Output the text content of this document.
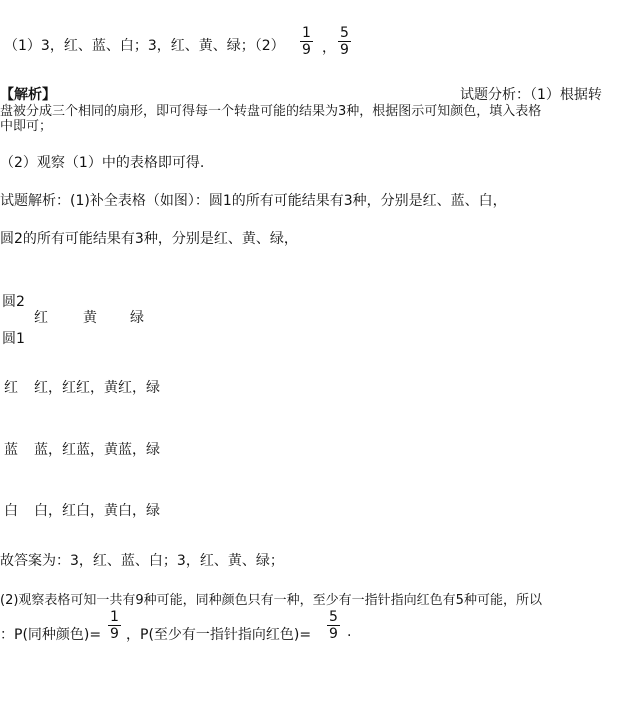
（1）3，红、蓝、白；3，红、黄、绿；（2）
1
9 ，
5
9
【解析】	试题分析：（1）根据转
盘被分成三个相同的扇形，即可得每一个转盘可能的结果为3种，根据图示可知颜色，填入表格
中即可；
（2）观察（1）中的表格即可得.
试题解析：(1)补全表格（如图）：圆1的所有可能结果有3种，分别是红、蓝、白，
圆2的所有可能结果有3种，分别是红、黄、绿，
圆2
红	黄 绿
圆1
红 红，红红，黄红，绿
蓝 蓝，红蓝，黄蓝，绿
白 白，红白，黄白，绿
故答案为：3，红、蓝、白；3，红、黄、绿；
(2)观察表格可知一共有9种可能，同种颜色只有一种，至少有一指针指向红色有5种可能，所以
：P(同种颜色)=
1
9 ，P(至少有一指针指向红色)=
5
9 .
